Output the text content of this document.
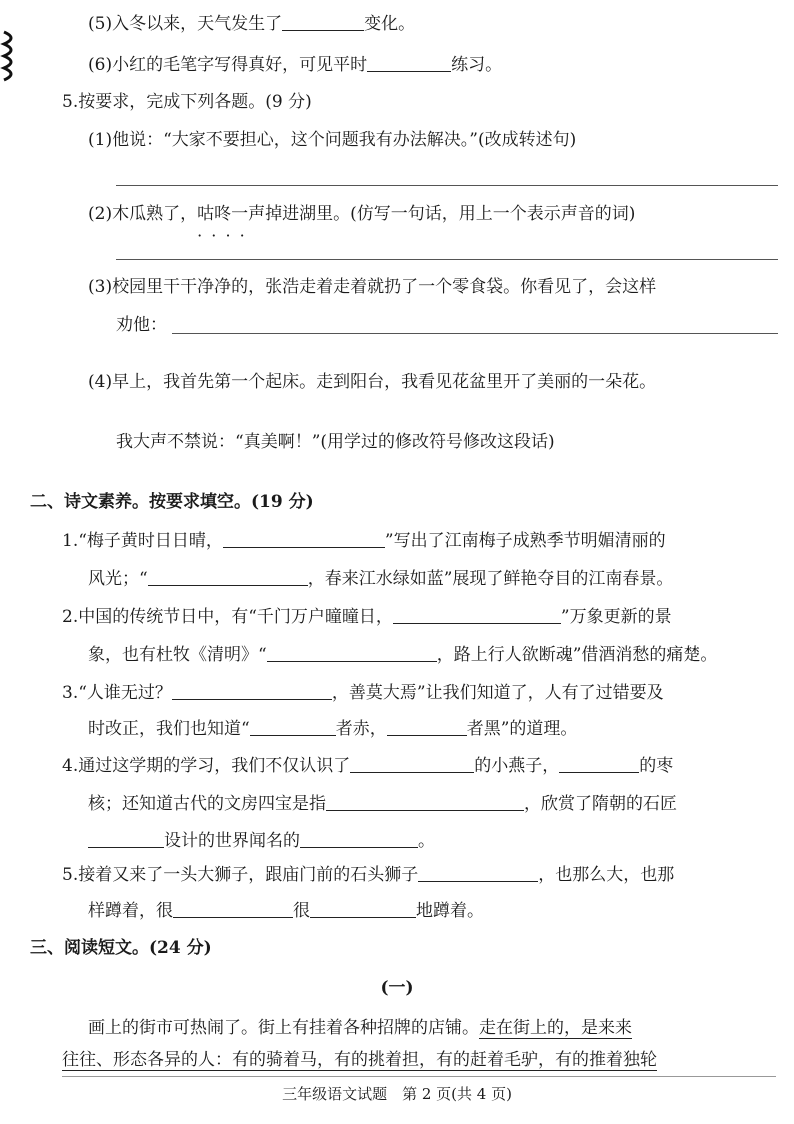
(5)入冬以来，天气发生了	变化。
(6)小红的毛笔字写得真好，可见平时	练习。
5.按要求，完成下列各题。(9 分)
(1)他说：“大家不要担心，这个问题我有办法解决。”(改成转述句)
(2)木瓜熟了，咕咚 · · · ·一声掉进湖里。(仿写一句话，用上一个表示声音的词)
(3)校园里干干净净的，张浩走着走着就扔了一个零食袋。你看见了，会这样
劝他：
(4)早上，我首先第一个起床。走到阳台，我看见花盆里开了美丽的一朵花。
我大声不禁说：“真美啊！”(用学过的修改符号修改这段话)
二、诗文素养。按要求填空。(19 分)
1.“梅子黄时日日晴，	”写出了江南梅子成熟季节明媚清丽的
风光；“	，春来江水绿如蓝”展现了鲜艳夺目的江南春景。
2.中国的传统节日中，有“千门万户曈曈日，	”万象更新的景
象，也有杜牧《清明》“	，路上行人欲断魂”借酒消愁的痛楚。
3.“人谁无过？	，善莫大焉”让我们知道了，人有了过错要及
时改正，我们也知道“	者赤，	者黑”的道理。
4.通过这学期的学习，我们不仅认识了	的小燕子，	的枣
核；还知道古代的文房四宝是指	，欣赏了隋朝的石匠
设计的世界闻名的	。
5.接着又来了一头大狮子，跟庙门前的石头狮子	，也那么大，也那
样蹲着，很	很	地蹲着。
三、阅读短文。(24 分)
(一)
画上的街市可热闹了。街上有挂着各种招牌的店铺。走在街上的，是来来
往往、形态各异的人：有的骑着马，有的挑着担，有的赶着毛驴，有的推着独轮
三年级语文试题　第 2 页(共 4 页)
